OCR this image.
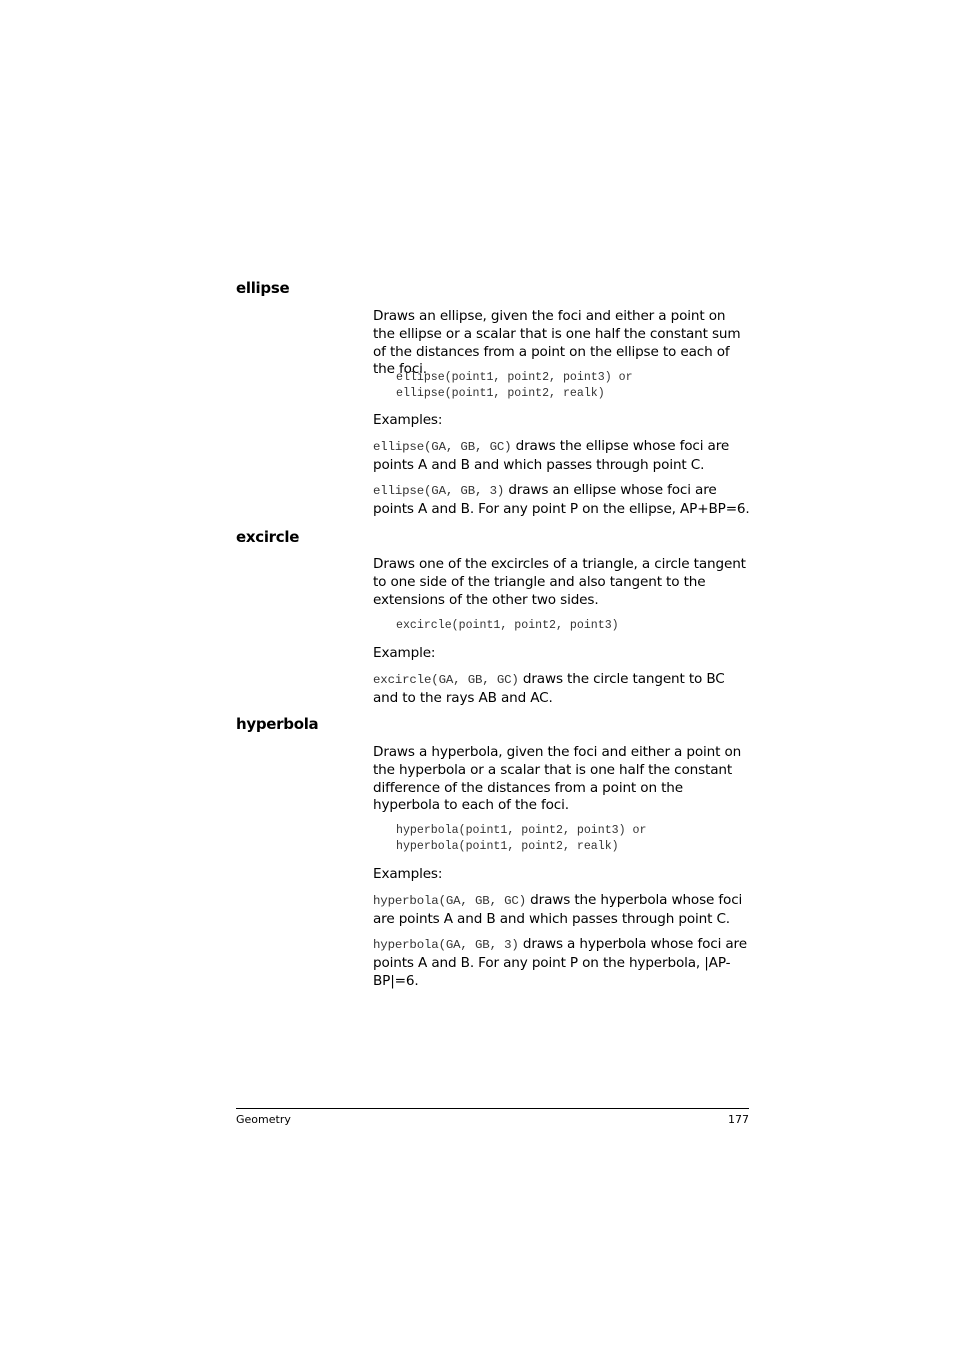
ellipse

Draws an ellipse, given the foci and either a point on the ellipse or a scalar that is one half the constant sum of the distances from a point on the ellipse to each of the foci.

ellipse(point1, point2, point3) or
ellipse(point1, point2, realk)

Examples:

ellipse(GA, GB, GC) draws the ellipse whose foci are points A and B and which passes through point C.

ellipse(GA, GB, 3) draws an ellipse whose foci are points A and B. For any point P on the ellipse, AP+BP=6.

excircle

Draws one of the excircles of a triangle, a circle tangent to one side of the triangle and also tangent to the extensions of the other two sides.

excircle(point1, point2, point3)

Example:

excircle(GA, GB, GC) draws the circle tangent to BC and to the rays AB and AC.

hyperbola

Draws a hyperbola, given the foci and either a point on the hyperbola or a scalar that is one half the constant difference of the distances from a point on the hyperbola to each of the foci.

hyperbola(point1, point2, point3) or
hyperbola(point1, point2, realk)

Examples:

hyperbola(GA, GB, GC) draws the hyperbola whose foci are points A and B and which passes through point C.

hyperbola(GA, GB, 3) draws a hyperbola whose foci are points A and B. For any point P on the hyperbola, |AP-BP|=6.

Geometry	177
